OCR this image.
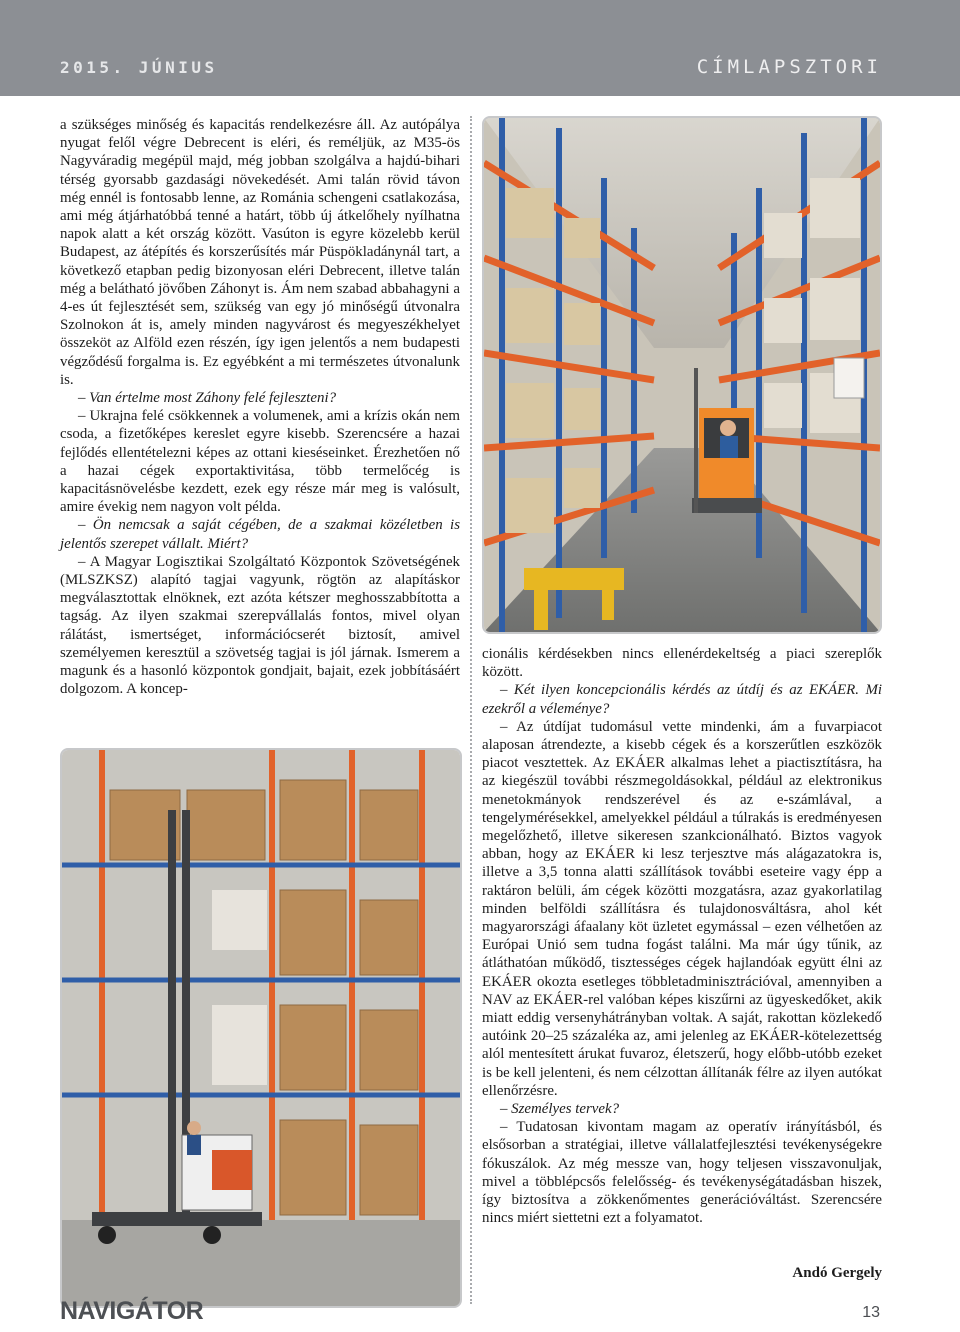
2015. JÚNIUS	CÍMLAPSZTORI

a szükséges minőség és kapacitás rendelkezésre áll. Az autópálya nyugat felől végre Debrecent is eléri, és reméljük, az M35-ös Nagyváradig megépül majd, még jobban szolgálva a hajdú-bihari térség gyorsabb gazdasági növekedését. Ami talán rövid távon még ennél is fontosabb lenne, az Románia schengeni csatlakozása, ami még átjárhatóbbá tenné a határt, több új átkelőhely nyílhatna napok alatt a két ország között. Vasúton is egyre közelebb kerül Budapest, az átépítés és korszerűsítés már Püspökladánynál tart, a következő etapban pedig bizonyosan eléri Debrecent, illetve talán még a belátható jövőben Záhonyt is. Ám nem szabad abbahagyni a 4-es út fejlesztését sem, szükség van egy jó minőségű útvonalra Szolnokon át is, amely minden nagyvárost és megyeszékhelyet összeköt az Alföld ezen részén, így igen jelentős a nem budapesti végződésű forgalma is. Ez egyébként a mi természetes útvonalunk is.

– Van értelme most Záhony felé fejleszteni?

– Ukrajna felé csökkennek a volumenek, ami a krízis okán nem csoda, a fizetőképes kereslet egyre kisebb. Szerencsére a hazai fejlődés ellentételezni képes az ottani kieséseinket. Érezhetően nő a hazai cégek exportaktivitása, több termelőcég is kapacitásnövelésbe kezdett, ezek egy része már meg is valósult, amire évekig nem nagyon volt példa.

– Ön nemcsak a saját cégében, de a szakmai közéletben is jelentős szerepet vállalt. Miért?

– A Magyar Logisztikai Szolgáltató Központok Szövetségének (MLSZKSZ) alapító tagjai vagyunk, rögtön az alapításkor megválasztottak elnöknek, ezt azóta kétszer meghosszabbította a tagság. Az ilyen szakmai szerepvállalás fontos, mivel olyan rálátást, ismertséget, információcserét biztosít, amivel személyemen keresztül a szövetség tagjai is jól járnak. Ismerem a magunk és a hasonló központok gondjait, bajait, ezek jobbításáért dolgozom. A koncep-

cionális kérdésekben nincs ellenérdekeltség a piaci szereplők között.

– Két ilyen koncepcionális kérdés az útdíj és az EKÁER. Mi ezekről a véleménye?

– Az útdíjat tudomásul vette mindenki, ám a fuvarpiacot alaposan átrendezte, a kisebb cégek és a korszerűtlen eszközök piacot vesztettek. Az EKÁER alkalmas lehet a piactisztításra, ha az kiegészül további részmegoldásokkal, például az elektronikus menetokmányok rendszerével és az e-számlával, a tengelymérésekkel, amelyekkel például a túlrakás is eredményesen megelőzhető, illetve sikeresen szankcionálható. Biztos vagyok abban, hogy az EKÁER ki lesz terjesztve más alágazatokra is, illetve a 3,5 tonna alatti szállítások további eseteire vagy épp a raktáron belüli, ám cégek közötti mozgatásra, azaz gyakorlatilag minden belföldi szállításra és tulajdonosváltásra, ahol két magyarországi áfaalany köt üzletet egymással – ezen vélhetően az Európai Unió sem tudna fogást találni. Ma már úgy tűnik, az átláthatóan működő, tisztességes cégek hajlandóak együtt élni az EKÁER okozta esetleges többletadminisztrációval, amennyiben a NAV az EKÁER-rel valóban képes kiszűrni az ügyeskedőket, akik miatt eddig versenyhátrányban voltak. A saját, rakottan közlekedő autóink 20–25 százaléka az, ami jelenleg az EKÁER-kötelezettség alól mentesített árukat fuvaroz, életszerű, hogy előbb-utóbb ezeket is be kell jelenteni, és nem célzottan állítanák félre az ilyen autókat ellenőrzésre.

– Személyes tervek?

– Tudatosan kivontam magam az operatív irányításból, és elsősorban a stratégiai, illetve vállalatfejlesztési tevékenységekre fókuszálok. Az még messze van, hogy teljesen visszavonuljak, mivel a többlépcsős felelősség- és tevékenységátadásban hiszek, így biztosítva a zökkenőmentes generációváltást. Szerencsére nincs miért siettetni ezt a folyamatot.

Andó Gergely
NAVIGÁTOR	13
